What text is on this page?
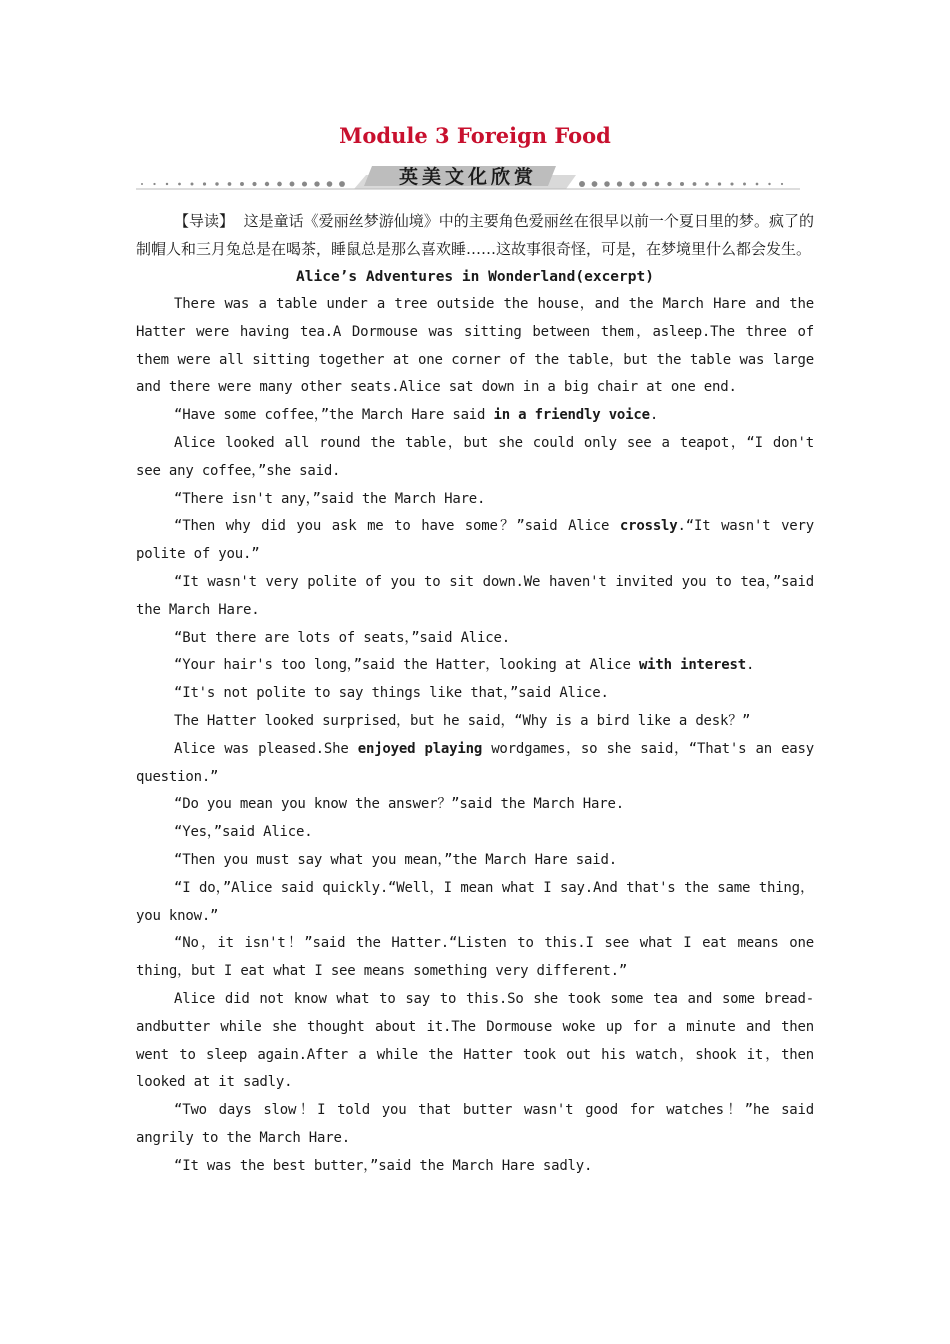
Module 3 Foreign Food
英美文化欣赏

【导读】 这是童话《爱丽丝梦游仙境》中的主要角色爱丽丝在很早以前一个夏日里的梦。疯了的制帽人和三月兔总是在喝茶，睡鼠总是那么喜欢睡……这故事很奇怪，可是，在梦境里什么都会发生。

Alice’s Adventures in Wonderland(excerpt)

There was a table under a tree outside the house，and the March Hare and the Hatter were having tea.A Dormouse was sitting between them，asleep.The three of them were all sitting together at one corner of the table，but the table was large and there were many other seats.Alice sat down in a big chair at one end.

“Have some coffee，”the March Hare said in a friendly voice.

Alice looked all round the table，but she could only see a teapot，“I don't see any coffee，”she said.

“There isn't any，”said the March Hare.

“Then why did you ask me to have some？”said Alice crossly.“It wasn't very polite of you.”

“It wasn't very polite of you to sit down.We haven't invited you to tea，”said the March Hare.

“But there are lots of seats，”said Alice.

“Your hair's too long，”said the Hatter，looking at Alice with interest.

“It's not polite to say things like that，”said Alice.

The Hatter looked surprised，but he said，“Why is a bird like a desk？”

Alice was pleased.She enjoyed playing wordgames，so she said，“That's an easy question.”

“Do you mean you know the answer？”said the March Hare.

“Yes，”said Alice.

“Then you must say what you mean，”the March Hare said.

“I do，”Alice said quickly.“Well，I mean what I say.And that's the same thing，you know.”

“No，it isn't！”said the Hatter.“Listen to this.I see what I eat means one thing，but I eat what I see means something very different.”

Alice did not know what to say to this.So she took some tea and some bread-andbutter while she thought about it.The Dormouse woke up for a minute and then went to sleep again.After a while the Hatter took out his watch，shook it，then looked at it sadly.

“Two days slow！I told you that butter wasn't good for watches！”he said angrily to the March Hare.

“It was the best butter，”said the March Hare sadly.
